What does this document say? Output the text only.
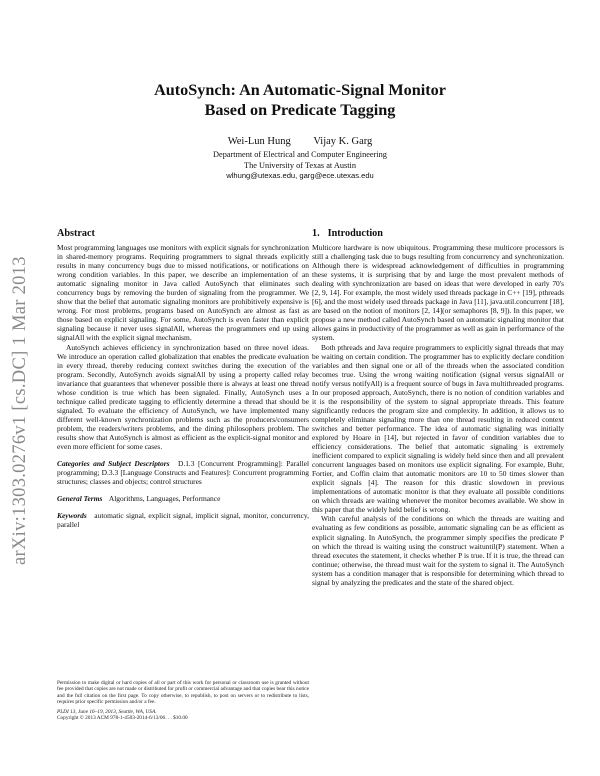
arXiv:1303.0276v1 [cs.DC] 1 Mar 2013
AutoSynch: An Automatic-Signal Monitor
Based on Predicate Tagging
Wei-Lun Hung Vijay K. Garg
Department of Electrical and Computer Engineering
The University of Texas at Austin
wlhung@utexas.edu, garg@ece.utexas.edu
Abstract

Most programming languages use monitors with explicit signals for synchronization in shared-memory programs. Requiring programmers to signal threads explicitly results in many concurrency bugs due to missed notifications, or notifications on wrong condition variables. In this paper, we describe an implementation of an automatic signaling monitor in Java called AutoSynch that eliminates such concurrency bugs by removing the burden of signaling from the programmer. We show that the belief that automatic signaling monitors are prohibitively expensive is wrong. For most problems, programs based on AutoSynch are almost as fast as those based on explicit signaling. For some, AutoSynch is even faster than explicit signaling because it never uses signalAll, whereas the programmers end up using signalAll with the explicit signal mechanism.

AutoSynch achieves efficiency in synchronization based on three novel ideas. We introduce an operation called globalization that enables the predicate evaluation in every thread, thereby reducing context switches during the execution of the program. Secondly, AutoSynch avoids signalAll by using a property called relay invariance that guarantees that whenever possible there is always at least one thread whose condition is true which has been signaled. Finally, AutoSynch uses a technique called predicate tagging to efficiently determine a thread that should be signaled. To evaluate the efficiency of AutoSynch, we have implemented many different well-known synchronization problems such as the producers/consumers problem, the readers/writers problems, and the dining philosophers problem. The results show that AutoSynch is almost as efficient as the explicit-signal monitor and even more efficient for some cases.

Categories and Subject Descriptors D.1.3 [Concurrent Programming]: Parallel programming; D.3.3 [Language Constructs and Features]: Concurrent programming structures; classes and objects; control structures
General Terms Algorithms, Languages, Performance
Keywords automatic signal, explicit signal, implicit signal, monitor, concurrency, parallel
Permission to make digital or hard copies of all or part of this work for personal or classroom use is granted without fee provided that copies are not made or distributed for profit or commercial advantage and that copies bear this notice and the full citation on the first page. To copy otherwise, to republish, to post on servers or to redistribute to lists, requires prior specific permission and/or a fee.
PLDI 13, June 16–19, 2013, Seattle, WA, USA.
Copyright © 2013 ACM 978-1-4503-2014-6/13/06. . . $10.00
1. Introduction

Multicore hardware is now ubiquitous. Programming these multicore processors is still a challenging task due to bugs resulting from concurrency and synchronization. Although there is widespread acknowledgement of difficulties in programming these systems, it is surprising that by and large the most prevalent methods of dealing with synchronization are based on ideas that were developed in early 70's [2, 9, 14]. For example, the most widely used threads package in C++ [19], pthreads [6], and the most widely used threads package in Java [11], java.util.concurrent [18], are based on the notion of monitors [2, 14](or semaphores [8, 9]). In this paper, we propose a new method called AutoSynch based on automatic signaling monitor that allows gains in productivity of the programmer as well as gain in performance of the system.

Both pthreads and Java require programmers to explicitly signal threads that may be waiting on certain condition. The programmer has to explicitly declare condition variables and then signal one or all of the threads when the associated condition becomes true. Using the wrong waiting notification (signal versus signalAll or notify versus notifyAll) is a frequent source of bugs in Java multithreaded programs. In our proposed approach, AutoSynch, there is no notion of condition variables and it is the responsibility of the system to signal appropriate threads. This feature significantly reduces the program size and complexity. In addition, it allows us to completely eliminate signaling more than one thread resulting in reduced context switches and better performance. The idea of automatic signaling was initially explored by Hoare in [14], but rejected in favor of condition variables due to efficiency considerations. The belief that automatic signaling is extremely inefficient compared to explicit signaling is widely held since then and all prevalent concurrent languages based on monitors use explicit signaling. For example, Buhr, Fortier, and Coffin claim that automatic monitors are 10 to 50 times slower than explicit signals [4]. The reason for this drastic slowdown in previous implementations of automatic monitor is that they evaluate all possible conditions on which threads are waiting whenever the monitor becomes available. We show in this paper that the widely held belief is wrong.

With careful analysis of the conditions on which the threads are waiting and evaluating as few conditions as possible, automatic signaling can be as efficient as explicit signaling. In AutoSynch, the programmer simply specifies the predicate P on which the thread is waiting using the construct waituntil(P) statement. When a thread executes the statement, it checks whether P is true. If it is true, the thread can continue; otherwise, the thread must wait for the system to signal it. The AutoSynch system has a condition manager that is responsible for determining which thread to signal by analyzing the predicates and the state of the shared object.
